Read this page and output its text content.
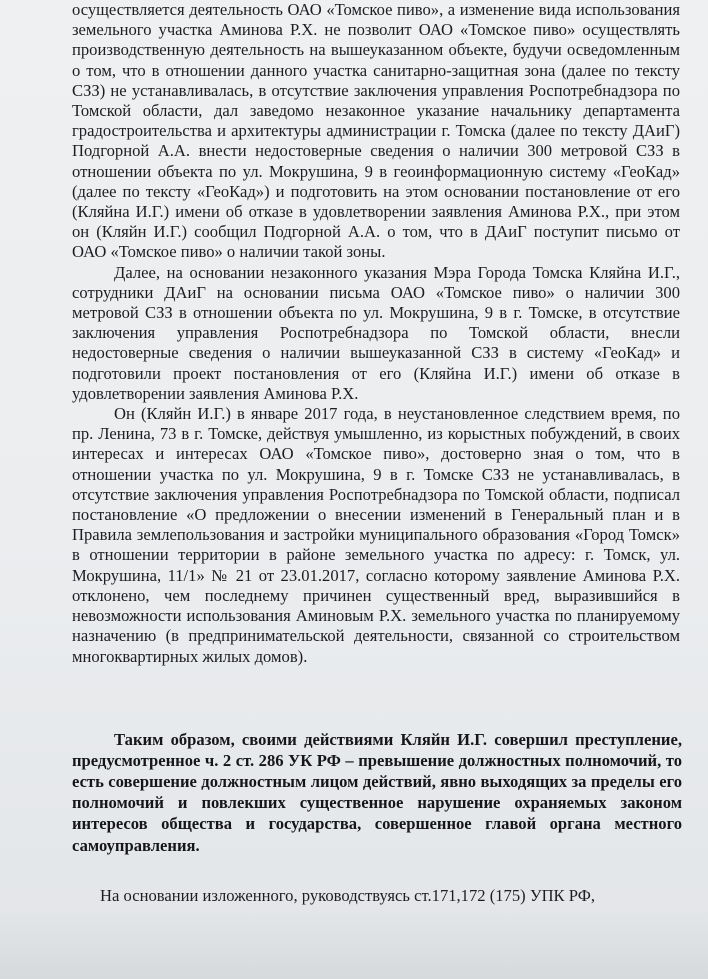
осуществляется деятельность ОАО «Томское пиво», а изменение вида использования земельного участка Аминова Р.Х. не позволит ОАО «Томское пиво» осуществлять производственную деятельность на вышеуказанном объекте, будучи осведомленным о том, что в отношении данного участка санитарно-защитная зона (далее по тексту СЗЗ) не устанавливалась, в отсутствие заключения управления Роспотребнадзора по Томской области, дал заведомо незаконное указание начальнику департамента градостроительства и архитектуры администрации г. Томска (далее по тексту ДАиГ) Подгорной А.А. внести недостоверные сведения о наличии 300 метровой СЗЗ в отношении объекта по ул. Мокрушина, 9 в геоинформационную систему «ГеоКад» (далее по тексту «ГеоКад») и подготовить на этом основании постановление от его (Кляйна И.Г.) имени об отказе в удовлетворении заявления Аминова Р.Х., при этом он (Кляйн И.Г.) сообщил Подгорной А.А. о том, что в ДАиГ поступит письмо от ОАО «Томское пиво» о наличии такой зоны.

Далее, на основании незаконного указания Мэра Города Томска Кляйна И.Г., сотрудники ДАиГ на основании письма ОАО «Томское пиво» о наличии 300 метровой СЗЗ в отношении объекта по ул. Мокрушина, 9 в г. Томске, в отсутствие заключения управления Роспотребнадзора по Томской области, внесли недостоверные сведения о наличии вышеуказанной СЗЗ в систему «ГеоКад» и подготовили проект постановления от его (Кляйна И.Г.) имени об отказе в удовлетворении заявления Аминова Р.Х.

Он (Кляйн И.Г.) в январе 2017 года, в неустановленное следствием время, по пр. Ленина, 73 в г. Томске, действуя умышленно, из корыстных побуждений, в своих интересах и интересах ОАО «Томское пиво», достоверно зная о том, что в отношении участка по ул. Мокрушина, 9 в г. Томске СЗЗ не устанавливалась, в отсутствие заключения управления Роспотребнадзора по Томской области, подписал постановление «О предложении о внесении изменений в Генеральный план и в Правила землепользования и застройки муниципального образования «Город Томск» в отношении территории в районе земельного участка по адресу: г. Томск, ул. Мокрушина, 11/1» № 21 от 23.01.2017, согласно которому заявление Аминова Р.Х. отклонено, чем последнему причинен существенный вред, выразившийся в невозможности использования Аминовым Р.Х. земельного участка по планируемому назначению (в предпринимательской деятельности, связанной со строительством многоквартирных жилых домов).

Таким образом, своими действиями Кляйн И.Г. совершил преступление, предусмотренное ч. 2 ст. 286 УК РФ – превышение должностных полномочий, то есть совершение должностным лицом действий, явно выходящих за пределы его полномочий и повлекших существенное нарушение охраняемых законом интересов общества и государства, совершенное главой органа местного самоуправления.

На основании изложенного, руководствуясь ст.171,172 (175) УПК РФ,
